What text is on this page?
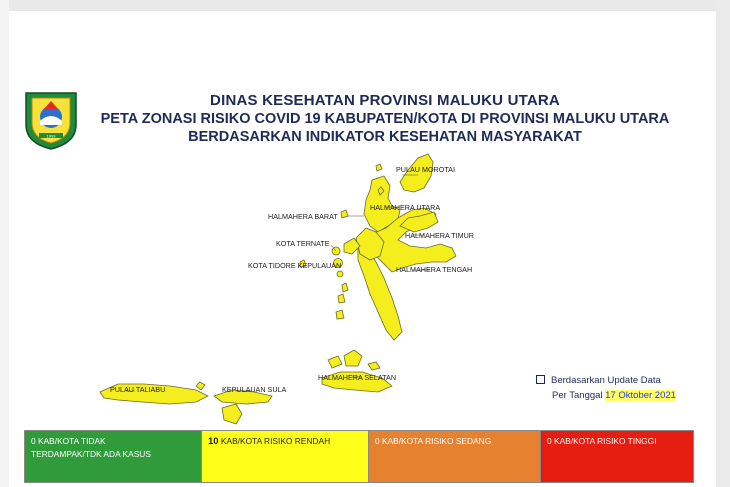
1999
DINAS KESEHATAN PROVINSI MALUKU UTARA
PETA ZONASI RISIKO COVID 19 KABUPATEN/KOTA DI PROVINSI MALUKU UTARA
BERDASARKAN INDIKATOR KESEHATAN MASYARAKAT
PULAU MOROTAI
HALMAHERA BARAT
HALMAHERA UTARA
HALMAHERA TIMUR
KOTA TERNATE
KOTA TIDORE KEPULAUAN	HALMAHERA TENGAH
HALMAHERA SELATAN
PULAU TALIABU	KEPULAUAN SULA
Berdasarkan Update Data
Per Tanggal 17 Oktober 2021
0 KAB/KOTA TIDAK
TERDAMPAK/TDK ADA KASUS
10 KAB/KOTA RISIKO RENDAH	0 KAB/KOTA RISIKO SEDANG	0 KAB/KOTA RISIKO TINGGI
